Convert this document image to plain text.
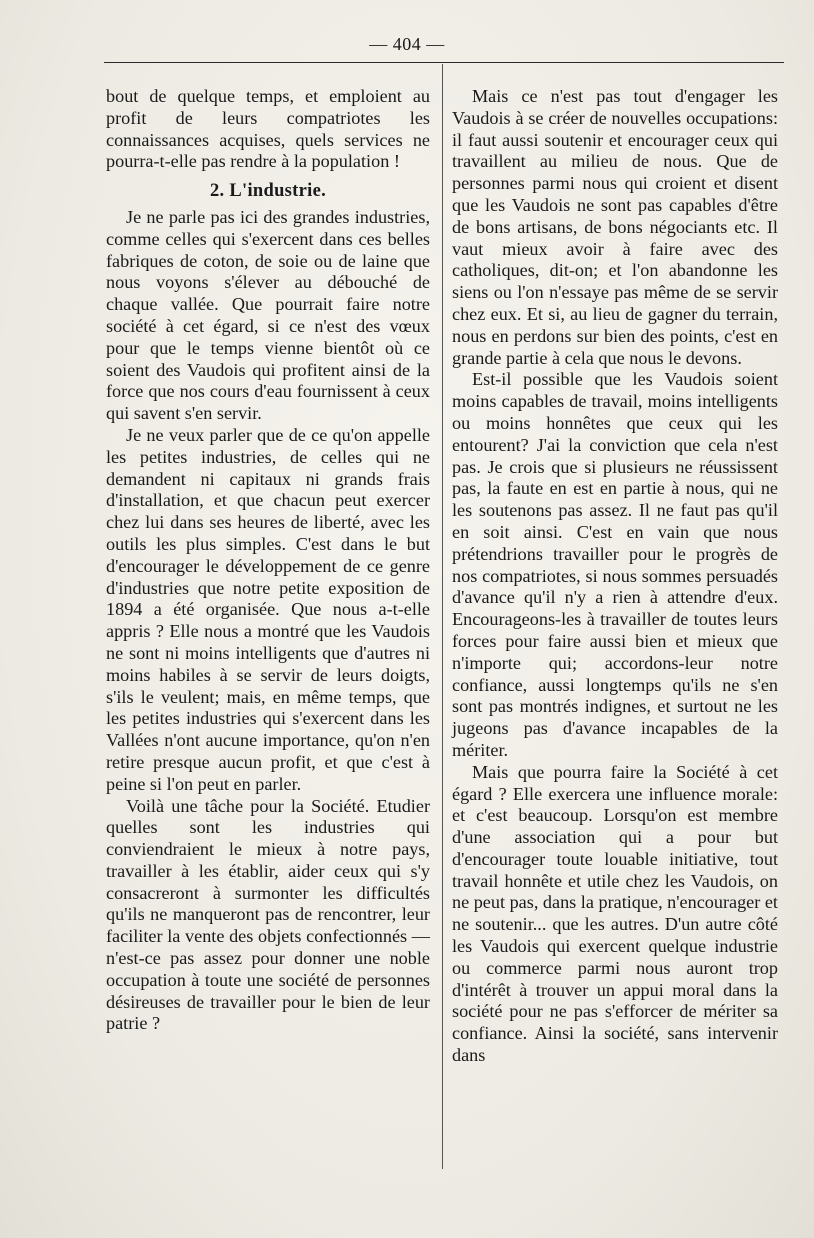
— 404 —

bout de quelque temps, et emploient au profit de leurs compatriotes les connaissances acquises, quels services ne pourra-t-elle pas rendre à la population !

2. L'industrie.

Je ne parle pas ici des grandes industries, comme celles qui s'exercent dans ces belles fabriques de coton, de soie ou de laine que nous voyons s'élever au débouché de chaque vallée. Que pourrait faire notre société à cet égard, si ce n'est des vœux pour que le temps vienne bientôt où ce soient des Vaudois qui profitent ainsi de la force que nos cours d'eau fournissent à ceux qui savent s'en servir.

Je ne veux parler que de ce qu'on appelle les petites industries, de celles qui ne demandent ni capitaux ni grands frais d'installation, et que chacun peut exercer chez lui dans ses heures de liberté, avec les outils les plus simples. C'est dans le but d'encourager le développement de ce genre d'industries que notre petite exposition de 1894 a été organisée. Que nous a-t-elle appris ? Elle nous a montré que les Vaudois ne sont ni moins intelligents que d'autres ni moins habiles à se servir de leurs doigts, s'ils le veulent; mais, en même temps, que les petites industries qui s'exercent dans les Vallées n'ont aucune importance, qu'on n'en retire presque aucun profit, et que c'est à peine si l'on peut en parler.

Voilà une tâche pour la Société. Etudier quelles sont les industries qui conviendraient le mieux à notre pays, travailler à les établir, aider ceux qui s'y consacreront à surmonter les difficultés qu'ils ne manqueront pas de rencontrer, leur faciliter la vente des objets confectionnés — n'est-ce pas assez pour donner une noble occupation à toute une société de personnes désireuses de travailler pour le bien de leur patrie ?

Mais ce n'est pas tout d'engager les Vaudois à se créer de nouvelles occupations: il faut aussi soutenir et encourager ceux qui travaillent au milieu de nous. Que de personnes parmi nous qui croient et disent que les Vaudois ne sont pas capables d'être de bons artisans, de bons négociants etc. Il vaut mieux avoir à faire avec des catholiques, dit-on; et l'on abandonne les siens ou l'on n'essaye pas même de se servir chez eux. Et si, au lieu de gagner du terrain, nous en perdons sur bien des points, c'est en grande partie à cela que nous le devons.

Est-il possible que les Vaudois soient moins capables de travail, moins intelligents ou moins honnêtes que ceux qui les entourent? J'ai la conviction que cela n'est pas. Je crois que si plusieurs ne réussissent pas, la faute en est en partie à nous, qui ne les soutenons pas assez. Il ne faut pas qu'il en soit ainsi. C'est en vain que nous prétendrions travailler pour le progrès de nos compatriotes, si nous sommes persuadés d'avance qu'il n'y a rien à attendre d'eux. Encourageons-les à travailler de toutes leurs forces pour faire aussi bien et mieux que n'importe qui; accordons-leur notre confiance, aussi longtemps qu'ils ne s'en sont pas montrés indignes, et surtout ne les jugeons pas d'avance incapables de la mériter.

Mais que pourra faire la Société à cet égard ? Elle exercera une influence morale: et c'est beaucoup. Lorsqu'on est membre d'une association qui a pour but d'encourager toute louable initiative, tout travail honnête et utile chez les Vaudois, on ne peut pas, dans la pratique, n'encourager et ne soutenir... que les autres. D'un autre côté les Vaudois qui exercent quelque industrie ou commerce parmi nous auront trop d'intérêt à trouver un appui moral dans la société pour ne pas s'efforcer de mériter sa confiance. Ainsi la société, sans intervenir dans
